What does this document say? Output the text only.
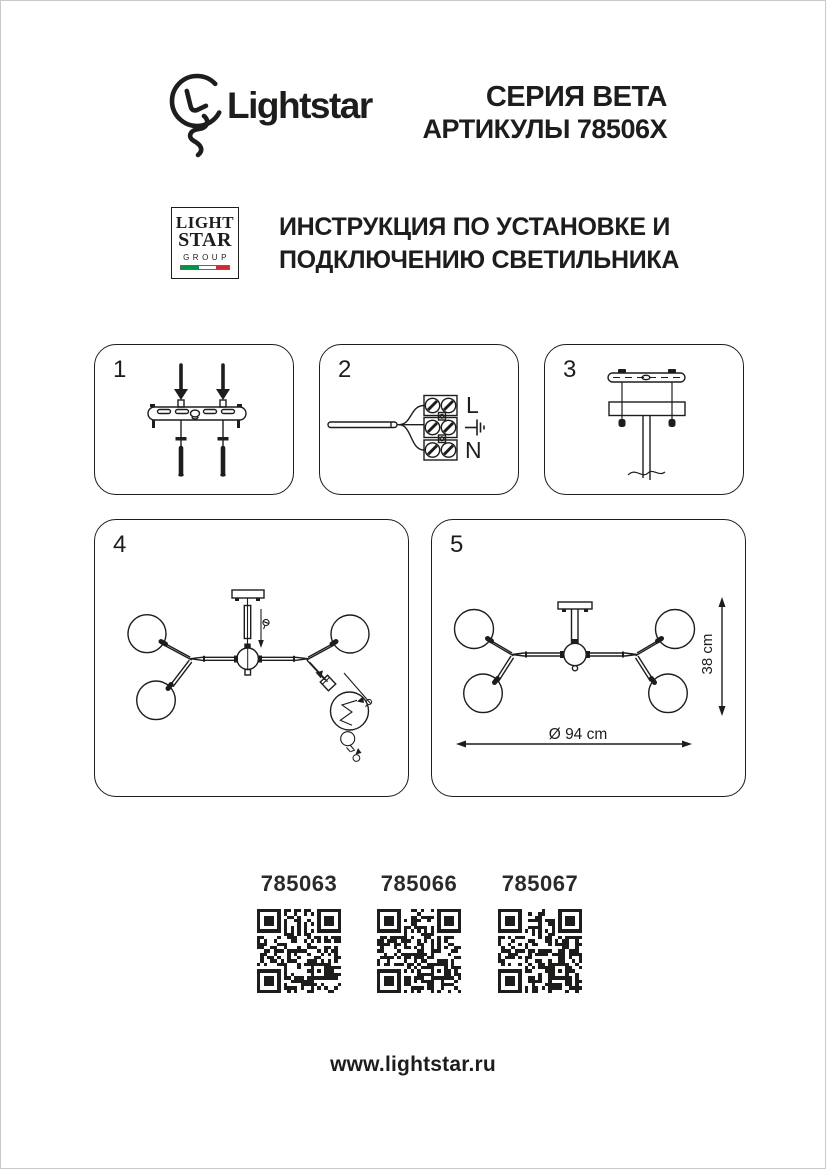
Lightstar	СЕРИЯ BETA
АРТИКУЛЫ 78506X
LIGHT
STAR
GROUP
ИНСТРУКЦИЯ ПО УСТАНОВКЕ И
ПОДКЛЮЧЕНИЮ СВЕТИЛЬНИКА
1	2
L
N
3
4	5
38 cm
Ø 94 cm
785063 785066 785067
www.lightstar.ru
